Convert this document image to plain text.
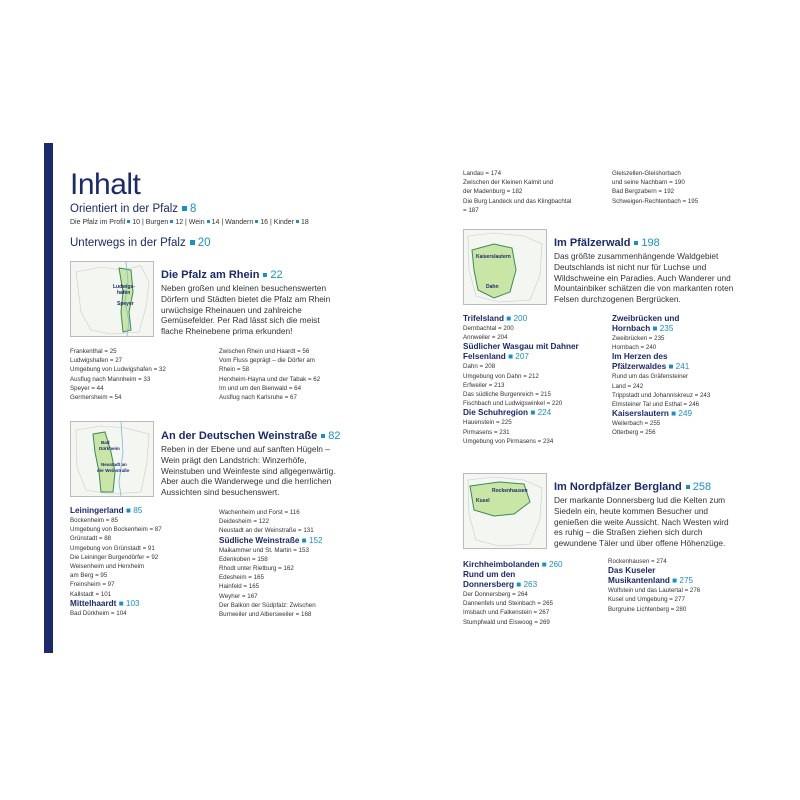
Inhalt
Orientiert in der Pfalz 8
Die Pfalz im Profil 10 | Burgen 12 | Wein 14 | Wandern 16 | Kinder 18
Unterwegs in der Pfalz 20
Ludwigs-
hafen
Speyer
Die Pfalz am Rhein 22
Neben großen und kleinen besuchenswerten Dörfern und Städten bietet die Pfalz am Rhein urwüchsige Rheinauen und zahlreiche Gemüsefelder. Per Rad lässt sich die meist flache Rheinebene prima erkunden!
Frankenthal = 25
Ludwigshafen = 27
Umgebung von Ludwigshafen = 32
Ausflug nach Mannheim = 33
Speyer = 44
Germersheim = 54
Zwischen Rhein und Haardt = 56
Vom Fluss geprägt – die Dörfer am
Rhein = 58
Herxheim-Hayna und der Tabak = 62
Im und um den Bienwald = 64
Ausflug nach Karlsruhe = 67
Bad
Dürkheim
Neustadt an
der Weinstraße
An der Deutschen Weinstraße 82
Reben in der Ebene und auf sanften Hügeln – Wein prägt den Landstrich: Winzerhöfe, Weinstuben und Weinfeste sind allgegenwärtig. Aber auch die Wanderwege und die herrlichen Aussichten sind besuchenswert.
Leiningerland ■ 85
Bockenheim = 85
Umgebung von Bockenheim = 87
Grünstadt = 88
Umgebung von Grünstadt = 91
Die Leininger Burgendörfer = 92
Weisenheim und Herxheim
am Berg = 95
Freinsheim = 97
Kallstadt = 101
Mittelhaardt ■ 103
Bad Dürkheim = 104
Wachenheim und Forst = 116
Deidesheim = 122
Neustadt an der Weinstraße = 131
Südliche Weinstraße ■ 152
Maikammer und St. Martin = 153
Edenkoben = 158
Rhodt unter Rietburg = 162
Edesheim = 165
Hainfeld = 165
Weyher = 167
Der Balkon der Südpfalz: Zwischen
Burrweiler und Albersweiler = 168
Landau = 174
Zwischen der Kleinen Kalmit und
der Madenburg = 182
Die Burg Landeck und das Klingbachtal
= 187
Gleiszellen-Gleishorbach
und seine Nachbarn = 190
Bad Bergzabern = 192
Schweigen-Rechtenbach = 195
Kaiserslautern
Dahn
Im Pfälzerwald 198
Das größte zusammenhängende Waldgebiet Deutschlands ist nicht nur für Luchse und Wildschweine ein Paradies. Auch Wanderer und Mountainbiker schätzen die von markanten roten Felsen durchzogenen Bergrücken.
Trifelsland ■ 200
Dernbachtal = 200
Annweiler = 204
Südlicher Wasgau mit Dahner Felsenland ■ 207
Dahn = 208
Umgebung von Dahn = 212
Erfweiler = 213
Das südliche Burgenreich = 215
Fischbach und Ludwigswinkel = 220
Die Schuhregion ■ 224
Hauenstein = 225
Pirmasens = 231
Umgebung von Pirmasens = 234
Zweibrücken und Hornbach ■ 235
Zweibrücken = 235
Hornbach = 240
Im Herzen des Pfälzerwaldes ■ 241
Rund um das Gräfensteiner
Land = 242
Trippstadt und Johanniskreuz = 243
Elmsteiner Tal und Esthal = 246
Kaiserslautern ■ 249
Weilerbach = 255
Otterberg = 256
Rockenhausen
Kusel
Im Nordpfälzer Bergland 258
Der markante Donnersberg lud die Kelten zum Siedeln ein, heute kommen Besucher und genießen die weite Aussicht. Nach Westen wird es ruhig – die Straßen ziehen sich durch gewundene Täler und über offene Höhenzüge.
Kirchheimbolanden ■ 260
Rund um den Donnersberg ■ 263
Der Donnersberg = 264
Dannenfels und Steinbach = 265
Imsbach und Falkenstein = 267
Stumpfwald und Eiswoog = 269
Rockenhausen = 274
Das Kuseler Musikantenland ■ 275
Wolfstein und das Lautertal = 276
Kusel und Umgebung = 277
Burgruine Lichtenberg = 280
